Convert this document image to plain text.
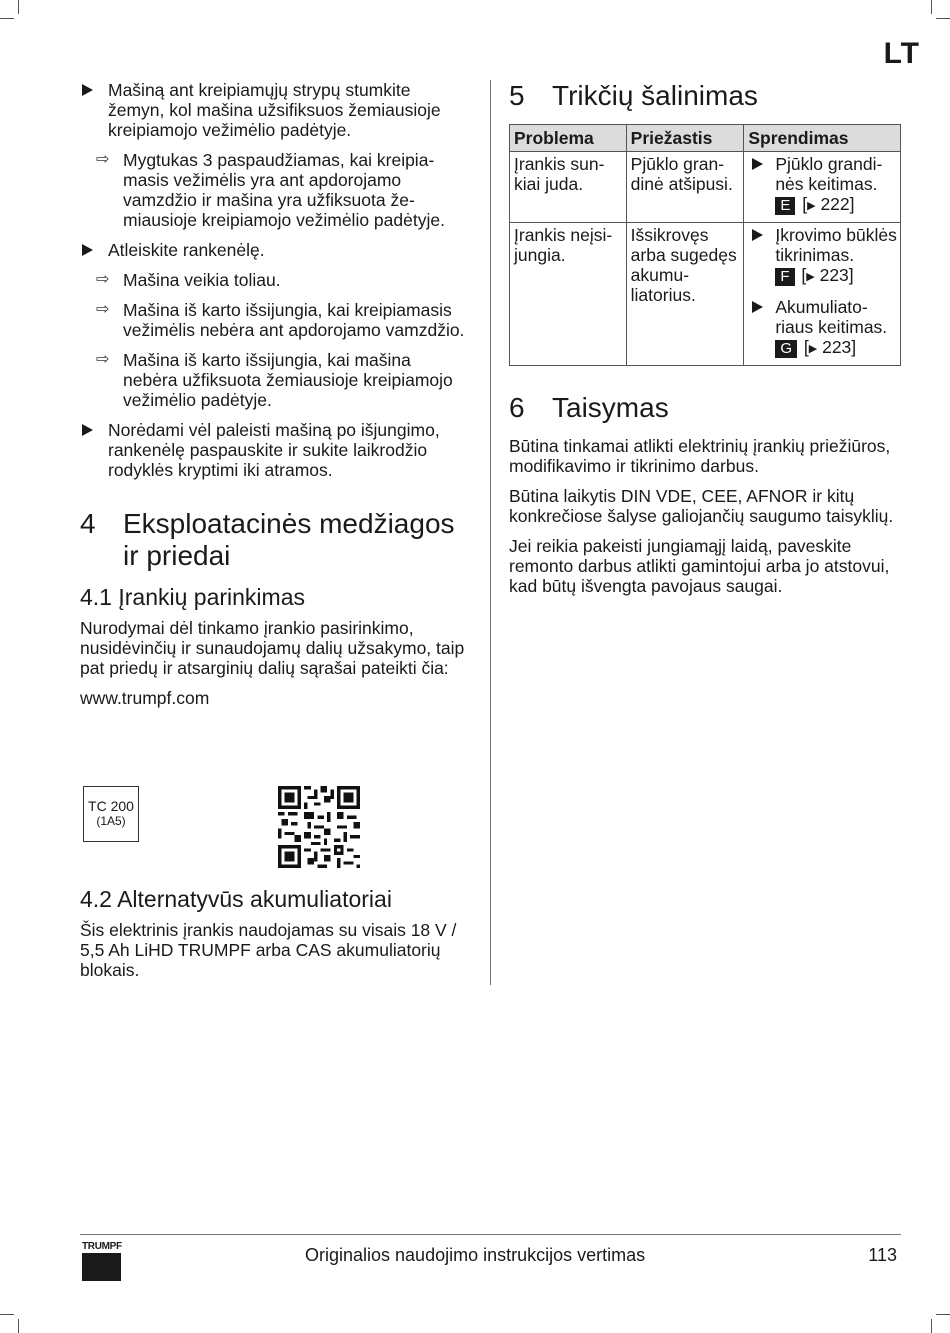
LT
Mašiną ant kreipiamųjų strypų stumkite žemyn, kol mašina užsifiksuos žemiausioje kreipiamojo vežimėlio padėtyje.
⇨ Mygtukas 3 paspaudžiamas, kai kreipiamasis vežimėlis yra ant apdorojamo vamzdžio ir mašina yra užfiksuota žemiausioje kreipiamojo vežimėlio padėtyje.
Atleiskite rankenėlę.
⇨ Mašina veikia toliau.
⇨ Mašina iš karto išsijungia, kai kreipiamasis vežimėlis nebėra ant apdorojamo vamzdžio.
⇨ Mašina iš karto išsijungia, kai mašina nebėra užfiksuota žemiausioje kreipiamojo vežimėlio padėtyje.
Norėdami vėl paleisti mašiną po išjungimo, rankenėlę paspauskite ir sukite laikrodžio rodyklės kryptimi iki atramos.
4 Eksploatacinės medžiagos ir priedai
4.1 Įrankių parinkimas

Nurodymai dėl tinkamo įrankio pasirinkimo, nusidėvinčių ir sunaudojamų dalių užsakymo, taip pat priedų ir atsarginių dalių sąrašai pateikti čia:

www.trumpf.com

TC 200
(1A5)
4.2 Alternatyvūs akumuliatoriai

Šis elektrinis įrankis naudojamas su visais 18 V / 5,5 Ah LiHD TRUMPF arba CAS akumuliatorių blokais.

5 Trikčių šalinimas
Problema	Priežastis	Sprendimas
Įrankis sunkiai juda.	Pjūklo grandinė atšipusi.	Pjūklo grandinės keitimas.
E [▶ 222]

Įrankis neįsijungia.	Išsikrovęs arba sugedęs akumuliatorius.	Įkrovimo būklės tikrinimas.
F [▶ 223]
Akumuliatoriaus keitimas.
G [▶ 223]
6 Taisymas

Būtina tinkamai atlikti elektrinių įrankių priežiūros, modifikavimo ir tikrinimo darbus.

Būtina laikytis DIN VDE, CEE, AFNOR ir kitų konkrečiose šalyse galiojančių saugumo taisyklių.

Jei reikia pakeisti jungiamąjį laidą, paveskite remonto darbus atlikti gamintojui arba jo atstovui, kad būtų išvengta pavojaus saugai.

TRUMPF	Originalios naudojimo instrukcijos vertimas	113
